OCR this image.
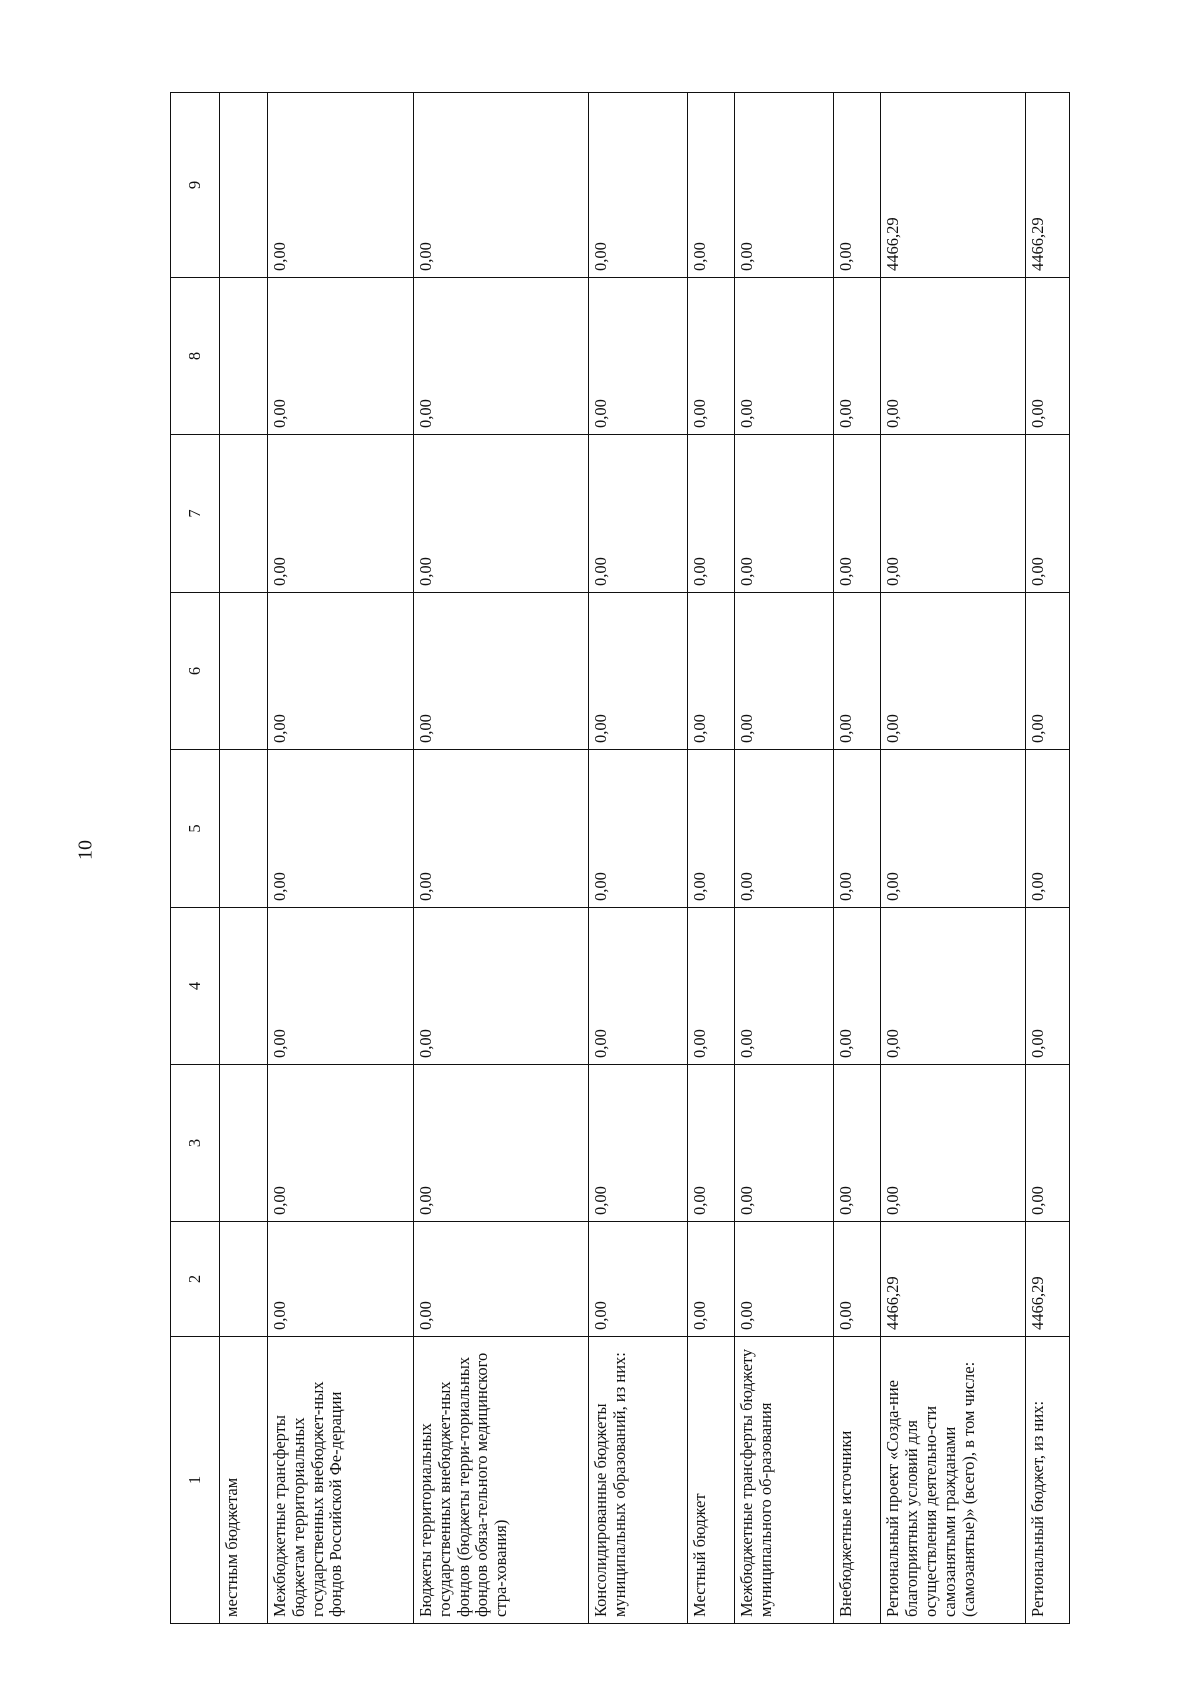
10
1	2	3	4	5	6	7	8	9
местным бюджетам								
Межбюджетные трансферты бюджетам территориальных государственных внебюджет-ных фондов Российской Фе-дерации	0,00	0,00	0,00	0,00	0,00	0,00	0,00	0,00
Бюджеты территориальных государственных внебюджет-ных фондов (бюджеты терри-ториальных фондов обяза-тельного медицинского стра-хования)	0,00	0,00	0,00	0,00	0,00	0,00	0,00	0,00
Консолидированные бюджеты муниципальных образований, из них:	0,00	0,00	0,00	0,00	0,00	0,00	0,00	0,00
Местный бюджет	0,00	0,00	0,00	0,00	0,00	0,00	0,00	0,00
Межбюджетные трансферты бюджету муниципального об-разования	0,00	0,00	0,00	0,00	0,00	0,00	0,00	0,00
Внебюджетные источники	0,00	0,00	0,00	0,00	0,00	0,00	0,00	0,00
Региональный проект «Созда-ние благоприятных условий для осуществления деятельно-сти самозанятыми гражданами (самозанятые)» (всего), в том числе:	4466,29	0,00	0,00	0,00	0,00	0,00	0,00	4466,29
Региональный бюджет, из них:	4466,29	0,00	0,00	0,00	0,00	0,00	0,00	4466,29
